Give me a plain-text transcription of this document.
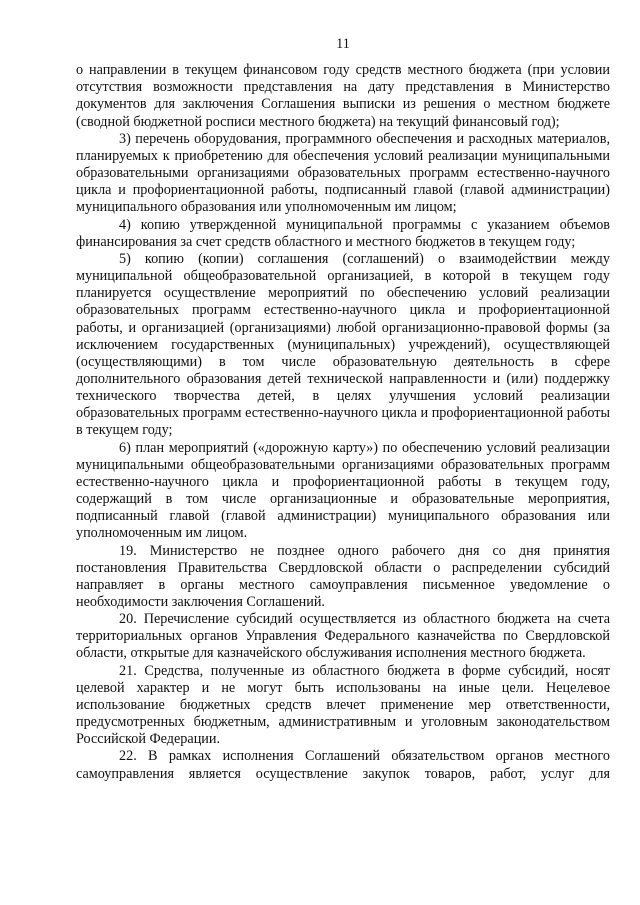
11

о направлении в текущем финансовом году средств местного бюджета (при условии отсутствия возможности представления на дату представления в Министерство документов для заключения Соглашения выписки из решения о местном бюджете (сводной бюджетной росписи местного бюджета) на текущий финансовый год);

3) перечень оборудования, программного обеспечения и расходных материалов, планируемых к приобретению для обеспечения условий реализации муниципальными образовательными организациями образовательных программ естественно-научного цикла и профориентационной работы, подписанный главой (главой администрации) муниципального образования или уполномоченным им лицом;

4) копию утвержденной муниципальной программы с указанием объемов финансирования за счет средств областного и местного бюджетов в текущем году;

5) копию (копии) соглашения (соглашений) о взаимодействии между муниципальной общеобразовательной организацией, в которой в текущем году планируется осуществление мероприятий по обеспечению условий реализации образовательных программ естественно-научного цикла и профориентационной работы, и организацией (организациями) любой организационно-правовой формы (за исключением государственных (муниципальных) учреждений), осуществляющей (осуществляющими) в том числе образовательную деятельность в сфере дополнительного образования детей технической направленности и (или) поддержку технического творчества детей, в целях улучшения условий реализации образовательных программ естественно-научного цикла и профориентационной работы в текущем году;

6) план мероприятий («дорожную карту») по обеспечению условий реализации муниципальными общеобразовательными организациями образовательных программ естественно-научного цикла и профориентационной работы в текущем году, содержащий в том числе организационные и образовательные мероприятия, подписанный главой (главой администрации) муниципального образования или уполномоченным им лицом.

19. Министерство не позднее одного рабочего дня со дня принятия постановления Правительства Свердловской области о распределении субсидий направляет в органы местного самоуправления письменное уведомление о необходимости заключения Соглашений.

20. Перечисление субсидий осуществляется из областного бюджета на счета территориальных органов Управления Федерального казначейства по Свердловской области, открытые для казначейского обслуживания исполнения местного бюджета.

21. Средства, полученные из областного бюджета в форме субсидий, носят целевой характер и не могут быть использованы на иные цели. Нецелевое использование бюджетных средств влечет применение мер ответственности, предусмотренных бюджетным, административным и уголовным законодательством Российской Федерации.

22. В рамках исполнения Соглашений обязательством органов местного самоуправления является осуществление закупок товаров, работ, услуг для
